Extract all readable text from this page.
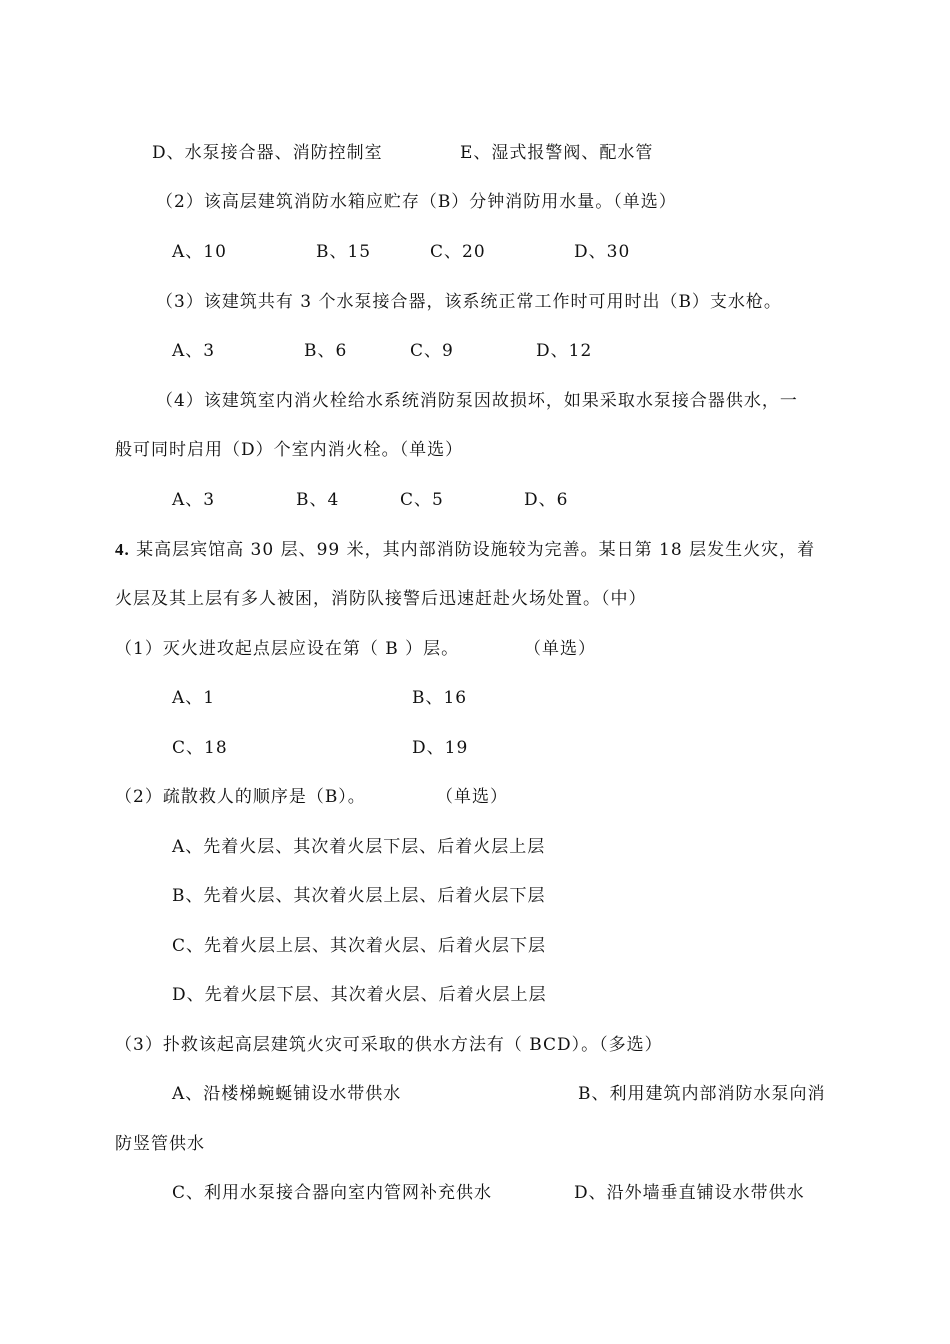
D、水泵接合器、消防控制室	E、湿式报警阀、配水管
（2）该高层建筑消防水箱应贮存（B）分钟消防用水量。（单选）
A、10	B、15	C、20	D、30
（3）该建筑共有 3 个水泵接合器，该系统正常工作时可用时出（B）支水枪。
A、3	B、6	C、9	D、12
（4）该建筑室内消火栓给水系统消防泵因故损坏，如果采取水泵接合器供水，一
般可同时启用（D）个室内消火栓。（单选）
A、3	B、4	C、5	D、6
4. 某高层宾馆高 30 层、99 米，其内部消防设施较为完善。某日第 18 层发生火灾，着
火层及其上层有多人被困，消防队接警后迅速赶赴火场处置。（中）
（1）灭火进攻起点层应设在第（ B ）层。	（单选）
A、1	B、16
C、18	D、19
（2）疏散救人的顺序是（B）。	（单选）
A、先着火层、其次着火层下层、后着火层上层
B、先着火层、其次着火层上层、后着火层下层
C、先着火层上层、其次着火层、后着火层下层
D、先着火层下层、其次着火层、后着火层上层
（3）扑救该起高层建筑火灾可采取的供水方法有（ BCD）。（多选）
A、沿楼梯蜿蜒铺设水带供水	B、利用建筑内部消防水泵向消
防竖管供水
C、利用水泵接合器向室内管网补充供水	D、沿外墙垂直铺设水带供水
